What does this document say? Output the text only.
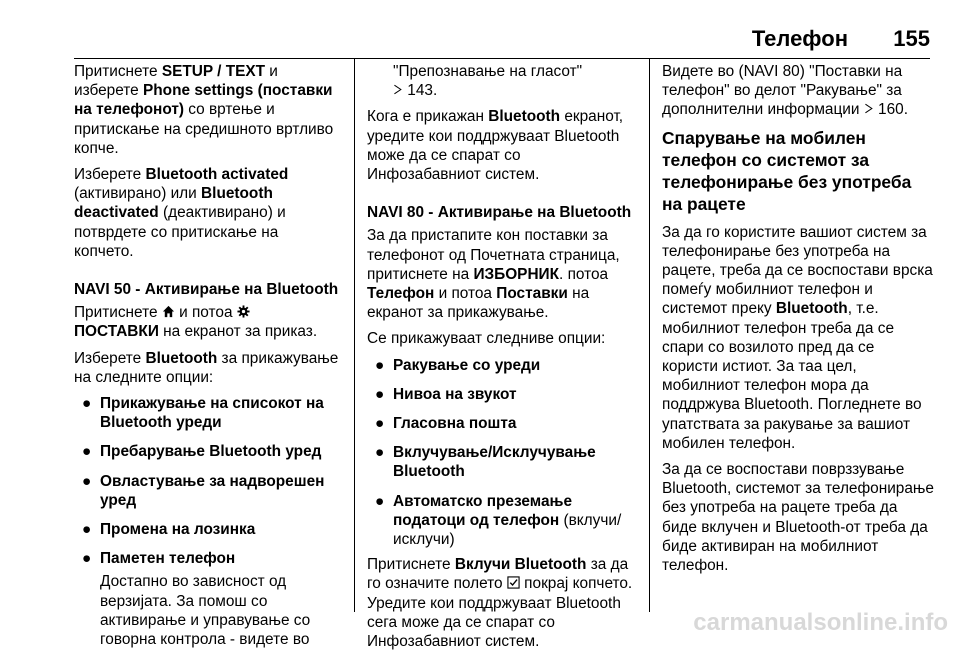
Телефон 155

Притиснете SETUP / TEXT и изберете Phone settings (поставки на телефонот) со вртење и притискање на средишното вртливо копче.

Изберете Bluetooth activated (активирано) или Bluetooth deactivated (деактивирано) и потврдете со притискање на копчето.

NAVI 50 - Активирање на Bluetooth

Притиснете  и потоа
ПОСТАВКИ на екранот за приказ.

Изберете Bluetooth за прикажување на следните опции:

● Прикажување на списокот на Bluetooth уреди
● Пребарување Bluetooth уред
● Овластување за надворешен уред
● Промена на лозинка
● Паметен телефон

Достапно во зависност од верзијата. За помош со активирање и управување со говорна контрола - видете во

"Препознавање на гласот"
143.

Кога е прикажан Bluetooth екранот, уредите кои поддржуваат Bluetooth може да се спарат со Инфозабавниот систем.

NAVI 80 - Активирање на Bluetooth

За да пристапите кон поставки за телефонот од Почетната страница, притиснете на ИЗБОРНИК. потоа Телефон и потоа Поставки на екранот за прикажување.

Се прикажуваат следниве опции:

● Ракување со уреди
● Нивоа на звукот
● Гласовна пошта
● Вклучување/Исклучување Bluetooth
● Автоматско преземање податоци од телефон (вклучи/ исклучи)

Притиснете Вклучи Bluetooth за да го означите полето  покрај копчето. Уредите кои поддржуваат Bluetooth сега може да се спарат со Инфозабавниот систем.

Видете во (NAVI 80) "Поставки на телефон" во делот "Ракување" за дополнителни информации  160.

Спарување на мобилен телефон со системот за телефонирање без употреба на рацете

За да го користите вашиот систем за телефонирање без употреба на рацете, треба да се воспостави врска помеѓу мобилниот телефон и системот преку Bluetooth, т.е. мобилниот телефон треба да се спари со возилото пред да се користи истиот. За таа цел, мобилниот телефон мора да поддржува Bluetooth. Погледнете во упатствата за ракување за вашиот мобилен телефон.

За да се воспостави поврззување Bluetooth, системот за телефонирање без употреба на рацете треба да биде вклучен и Bluetooth-от треба да биде активиран на мобилниот телефон.

carmanualsonline.info
